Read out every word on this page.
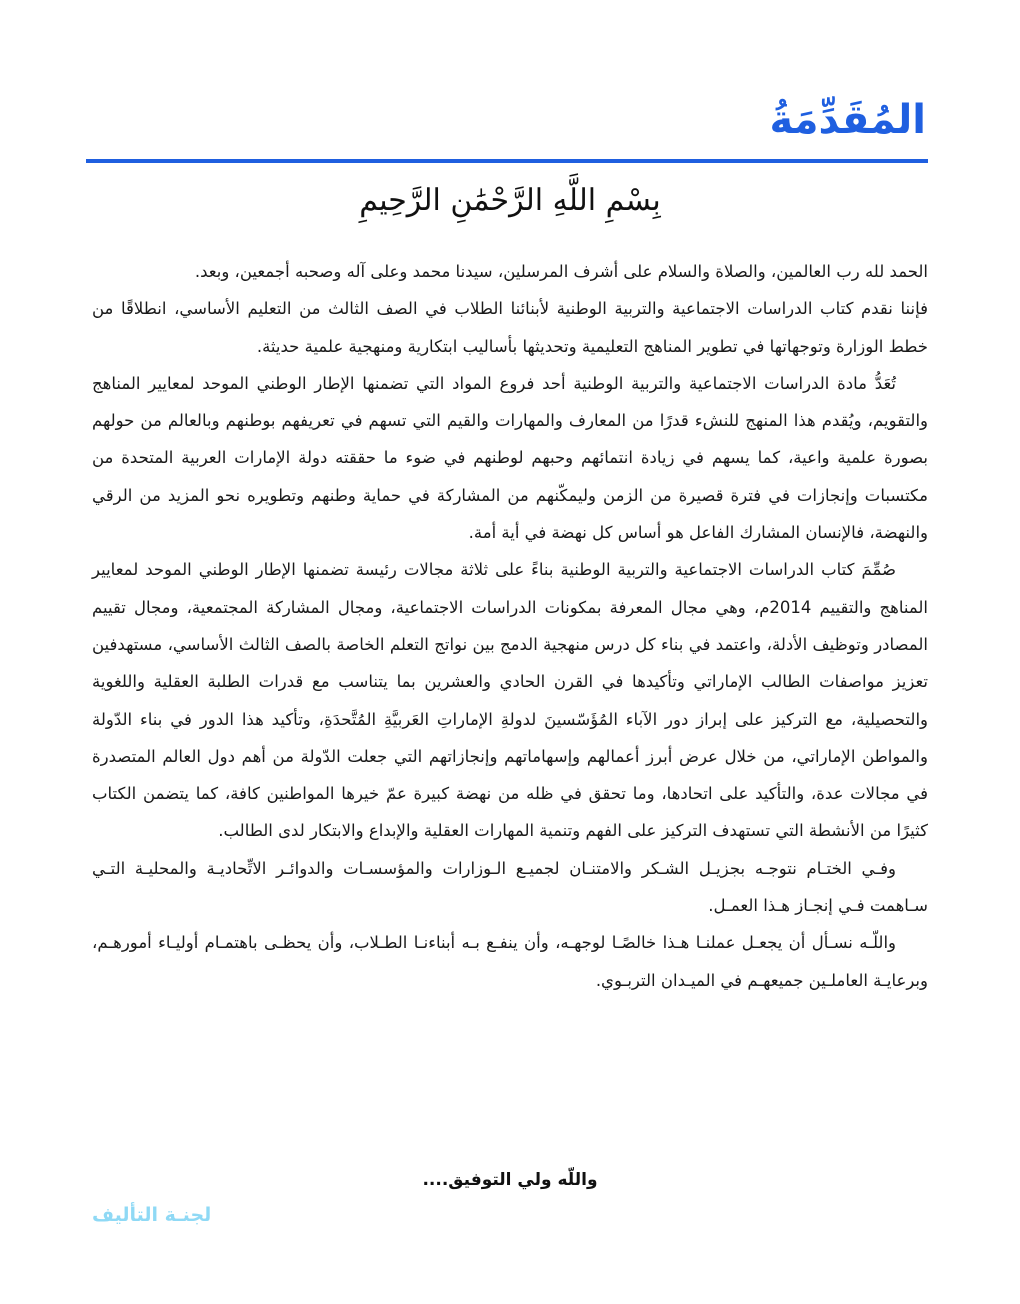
المُقَدِّمَةُ
بِسْمِ اللَّهِ الرَّحْمَٰنِ الرَّحِيمِ

الحمد لله رب العالمين، والصلاة والسلام على أشرف المرسلين، سيدنا محمد وعلى آله وصحبه أجمعين، وبعد.

فإننا نقدم كتاب الدراسات الاجتماعية والتربية الوطنية لأبنائنا الطلاب في الصف الثالث من التعليم الأساسي، انطلاقًا من خطط الوزارة وتوجهاتها في تطوير المناهج التعليمية وتحديثها بأساليب ابتكارية ومنهجية علمية حديثة.

تُعَدُّ مادة الدراسات الاجتماعية والتربية الوطنية أحد فروع المواد التي تضمنها الإطار الوطني الموحد لمعايير المناهج والتقويم، ويُقدم هذا المنهج للنشء قدرًا من المعارف والمهارات والقيم التي تسهم في تعريفهم بوطنهم وبالعالم من حولهم بصورة علمية واعية، كما يسهم في زيادة انتمائهم وحبهم لوطنهم في ضوء ما حققته دولة الإمارات العربية المتحدة من مكتسبات وإنجازات في فترة قصيرة من الزمن وليمكّنهم من المشاركة في حماية وطنهم وتطويره نحو المزيد من الرقي والنهضة، فالإنسان المشارك الفاعل هو أساس كل نهضة في أية أمة.

صُمِّمَ كتاب الدراسات الاجتماعية والتربية الوطنية بناءً على ثلاثة مجالات رئيسة تضمنها الإطار الوطني الموحد لمعايير المناهج والتقييم 2014م، وهي مجال المعرفة بمكونات الدراسات الاجتماعية، ومجال المشاركة المجتمعية، ومجال تقييم المصادر وتوظيف الأدلة، واعتمد في بناء كل درس منهجية الدمج بين نواتج التعلم الخاصة بالصف الثالث الأساسي، مستهدفين تعزيز مواصفات الطالب الإماراتي وتأكيدها في القرن الحادي والعشرين بما يتناسب مع قدرات الطلبة العقلية واللغوية والتحصيلية، مع التركيز على إبراز دور الآباء المُؤَسّسينَ لدولةِ الإماراتِ العَربيَّةِ المُتَّحدَةِ، وتأكيد هذا الدور في بناء الدّولة والمواطن الإماراتي، من خلال عرض أبرز أعمالهم وإسهاماتهم وإنجازاتهم التي جعلت الدّولة من أهم دول العالم المتصدرة في مجالات عدة، والتأكيد على اتحادها، وما تحقق في ظله من نهضة كبيرة عمّ خيرها المواطنين كافة، كما يتضمن الكتاب كثيرًا من الأنشطة التي تستهدف التركيز على الفهم وتنمية المهارات العقلية والإبداع والابتكار لدى الطالب.

وفـي الختـام نتوجـه بجزيـل الشـكر والامتنـان لجميـع الـوزارات والمؤسسـات والدوائـر الاتِّحاديـة والمحليـة التـي سـاهمت فـي إنجـاز هـذا العمـل.

واللّـه نسـأل أن يجعـل عملنـا هـذا خالصًـا لوجهـه، وأن ينفـع بـه أبناءنـا الطـلاب، وأن يحظـى باهتمـام أوليـاء أمورهـم، وبرعايـة العاملـين جميعهـم في الميـدان التربـوي.

واللّه ولي التوفيق....
لجنـة التأليف
